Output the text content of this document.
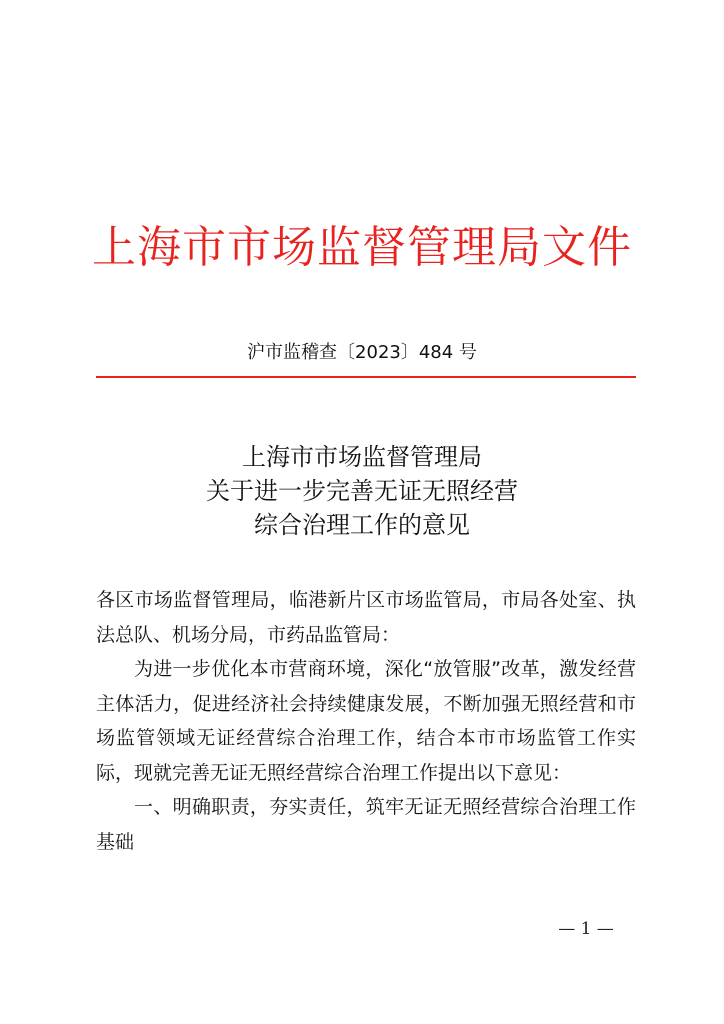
上海市市场监督管理局文件
沪市监稽查〔2023〕484 号
上海市市场监督管理局
关于进一步完善无证无照经营
综合治理工作的意见

各区市场监督管理局，临港新片区市场监管局，市局各处室、执法总队、机场分局，市药品监管局：

为进一步优化本市营商环境，深化“放管服”改革，激发经营主体活力，促进经济社会持续健康发展，不断加强无照经营和市场监管领域无证经营综合治理工作，结合本市市场监管工作实际，现就完善无证无照经营综合治理工作提出以下意见：

一、明确职责，夯实责任，筑牢无证无照经营综合治理工作基础

— 1 —
